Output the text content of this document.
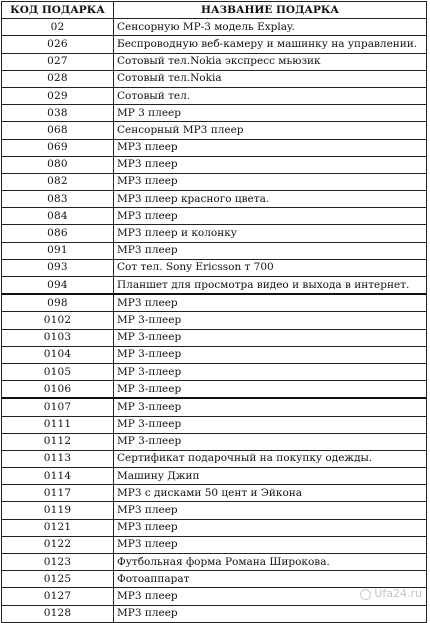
КОД ПОДАРКА	НАЗВАНИЕ ПОДАРКА
02	Сенсорную МР-3 модель Explay.
026	Беспроводную веб-камеру и машинку на управлении.
027	Сотовый тел.Nokia экспресс мьюзик
028	Сотовый тел.Nokia
029	Сотовый тел.
038	МР 3 плеер
068	Сенсорный МР3 плеер
069	МР3 плеер
080	МР3 плеер
082	МР3 плеер
083	МР3 плеер красного цвета.
084	МР3 плеер
086	МР3 плеер и колонку
091	МР3 плеер
093	Сот тел. Sony Ericsson т 700
094	Планшет для просмотра видео и выхода в интернет.
098	МР3 плеер
0102	МР 3-плеер
0103	МР 3-плеер
0104	МР 3-плеер
0105	МР 3-плеер
0106	МР 3-плеер
0107	МР 3-плеер
0111	МР 3-плеер
0112	МР 3-плеер
0113	Сертификат подарочный на покупку одежды.
0114	Машину Джип
0117	МР3 с дисками 50 цент и Эйкона
0119	МР3 плеер
0121	МР3 плеер
0122	МР3 плеер
0123	Футбольная форма Романа Широкова.
0125	Фотоаппарат
0127	МР3 плеер
0128	МР3 плеер
Ufa24.ru
